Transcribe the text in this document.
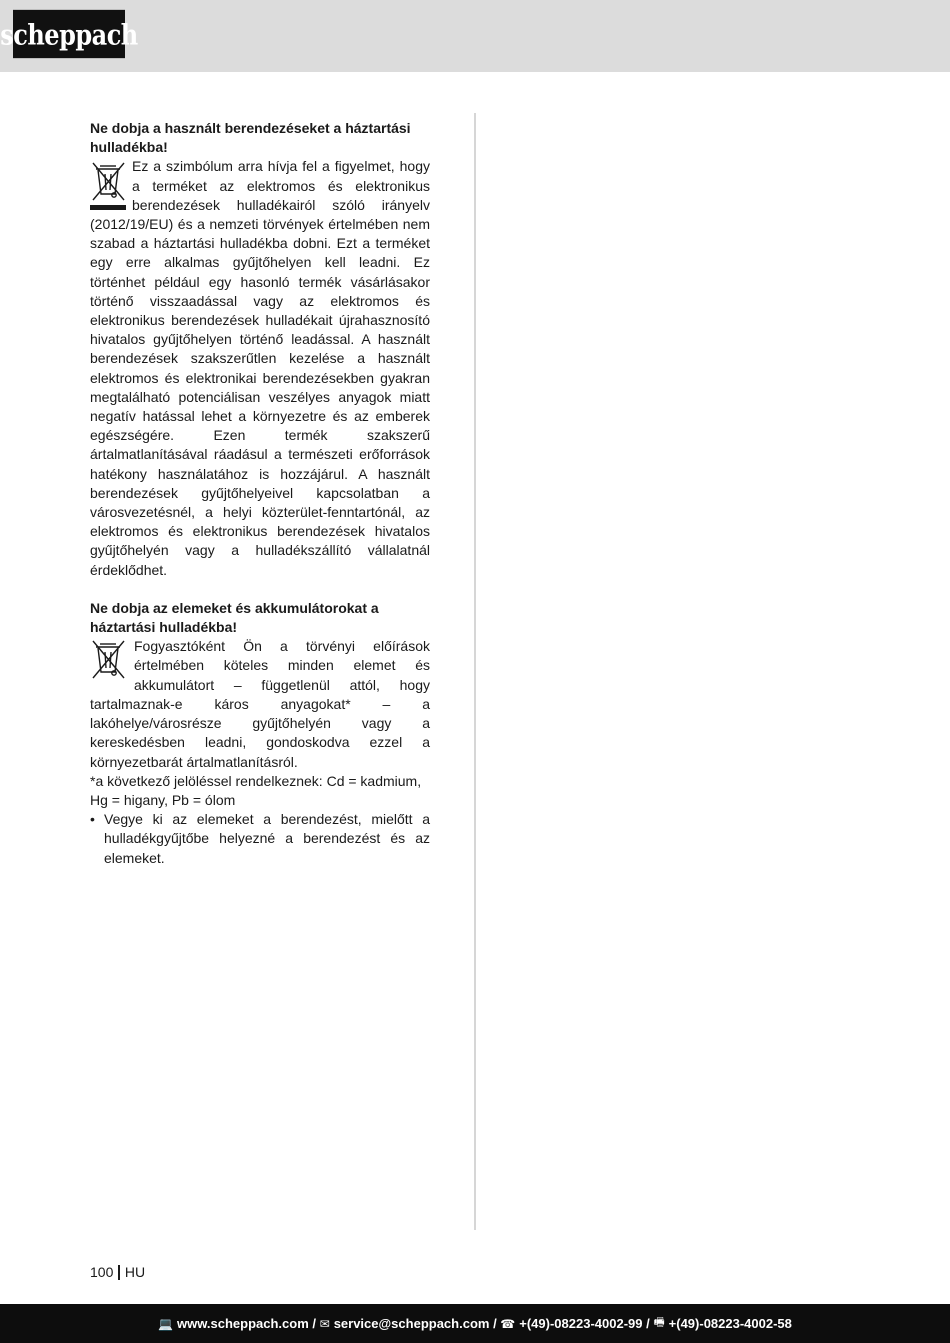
scheppach
Ne dobja a használt berendezéseket a háztartási hulladékba!

Ez a szimbólum arra hívja fel a figyelmet, hogy a terméket az elektromos és elektronikus berendezések hulladékairól szóló irányelv (2012/19/EU) és a nemzeti törvények értelmében nem szabad a háztartási hulladékba dobni. Ezt a terméket egy erre alkalmas gyűjtőhelyen kell leadni. Ez történhet például egy hasonló termék vásárlásakor történő visszaadással vagy az elektromos és elektronikus berendezések hulladékait újrahasznosító hivatalos gyűjtőhelyen történő leadással. A használt berendezések szakszerűtlen kezelése a használt elektromos és elektronikai berendezésekben gyakran megtalálható potenciálisan veszélyes anyagok miatt negatív hatással lehet a környezetre és az emberek egészségére. Ezen termék szakszerű ártalmatlanításával ráadásul a természeti erőforrások hatékony használatához is hozzájárul. A használt berendezések gyűjtőhelyeivel kapcsolatban a városvezetésnél, a helyi közterület-fenntartónál, az elektromos és elektronikus berendezések hivatalos gyűjtőhelyén vagy a hulladékszállító vállalatnál érdeklődhet.

Ne dobja az elemeket és akkumulátorokat a háztartási hulladékba!

Fogyasztóként Ön a törvényi előírások értelmében köteles minden elemet és akkumulátort – függetlenül attól, hogy tartalmaznak-e káros anyagokat* – a lakóhelye/városrésze gyűjtőhelyén vagy a kereskedésben leadni, gondoskodva ezzel a környezetbarát ártalmatlanításról.

*a következő jelöléssel rendelkeznek: Cd = kadmium, Hg = higany, Pb = ólom

• Vegye ki az elemeket a berendezést, mielőtt a hulladékgyűjtőbe helyezné a berendezést és az elemeket.
100 HU
💻 www.scheppach.com / ✉ service@scheppach.com / ☎ +(49)-08223-4002-99 / 🖷 +(49)-08223-4002-58
